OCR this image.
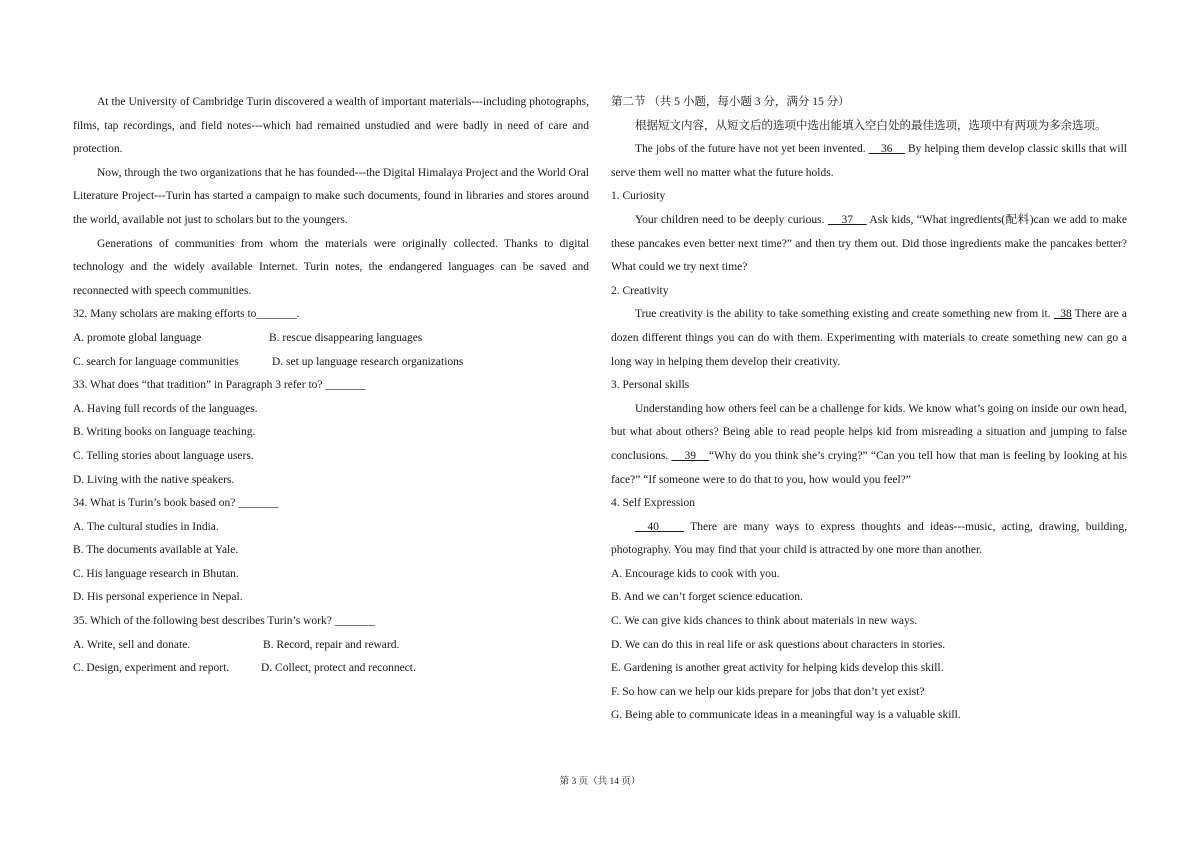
At the University of Cambridge Turin discovered a wealth of important materials---including photographs, films, tap recordings, and field notes---which had remained unstudied and were badly in need of care and protection.

Now, through the two organizations that he has founded---the Digital Himalaya Project and the World Oral Literature Project---Turin has started a campaign to make such documents, found in libraries and stores around the world, available not just to scholars but to the youngers.

Generations of communities from whom the materials were originally collected. Thanks to digital technology and the widely available Internet. Turin notes, the endangered languages can be saved and reconnected with speech communities.

32. Many scholars are making efforts to_______.

A. promote global language	B. rescue disappearing languages
C. search for language communities	D. set up language research organizations

33. What does “that tradition” in Paragraph 3 refer to? _______

A. Having full records of the languages.

B. Writing books on language teaching.

C. Telling stories about language users.

D. Living with the native speakers.

34. What is Turin’s book based on? _______

A. The cultural studies in India.

B. The documents available at Yale.

C. His language research in Bhutan.

D. His personal experience in Nepal.

35. Which of the following best describes Turin’s work? _______

A. Write, sell and donate.	B. Record, repair and reward.
C. Design, experiment and report.	D. Collect, protect and reconnect.

第二节 （共 5 小题，每小题 3 分，满分 15 分）

根据短文内容，从短文后的选项中选出能填入空白处的最佳选项，选项中有两项为多余选项。

The jobs of the future have not yet been invented.     36     By helping them develop classic skills that will serve them well no matter what the future holds.

1. Curiosity

Your children need to be deeply curious.     37     Ask kids, “What ingredients(配料)can we add to make these pancakes even better next time?” and then try them out. Did those ingredients make the pancakes better? What could we try next time?

2. Creativity

True creativity is the ability to take something existing and create something new from it.   38 There are a dozen different things you can do with them. Experimenting with materials to create something new can go a long way in helping them develop their creativity.

3. Personal skills

Understanding how others feel can be a challenge for kids. We know what’s going on inside our own head, but what about others? Being able to read people helps kid from misreading a situation and jumping to false conclusions.     39    “Why do you think she’s crying?” “Can you tell how that man is feeling by looking at his face?” “If someone were to do that to you, how would you feel?”

4. Self Expression

40     There are many ways to express thoughts and ideas---music, acting, drawing, building, photography. You may find that your child is attracted by one more than another.

A. Encourage kids to cook with you.

B. And we can’t forget science education.

C. We can give kids chances to think about materials in new ways.

D. We can do this in real life or ask questions about characters in stories.

E. Gardening is another great activity for helping kids develop this skill.

F. So how can we help our kids prepare for jobs that don’t yet exist?

G. Being able to communicate ideas in a meaningful way is a valuable skill.

第 3 页（共 14 页）
